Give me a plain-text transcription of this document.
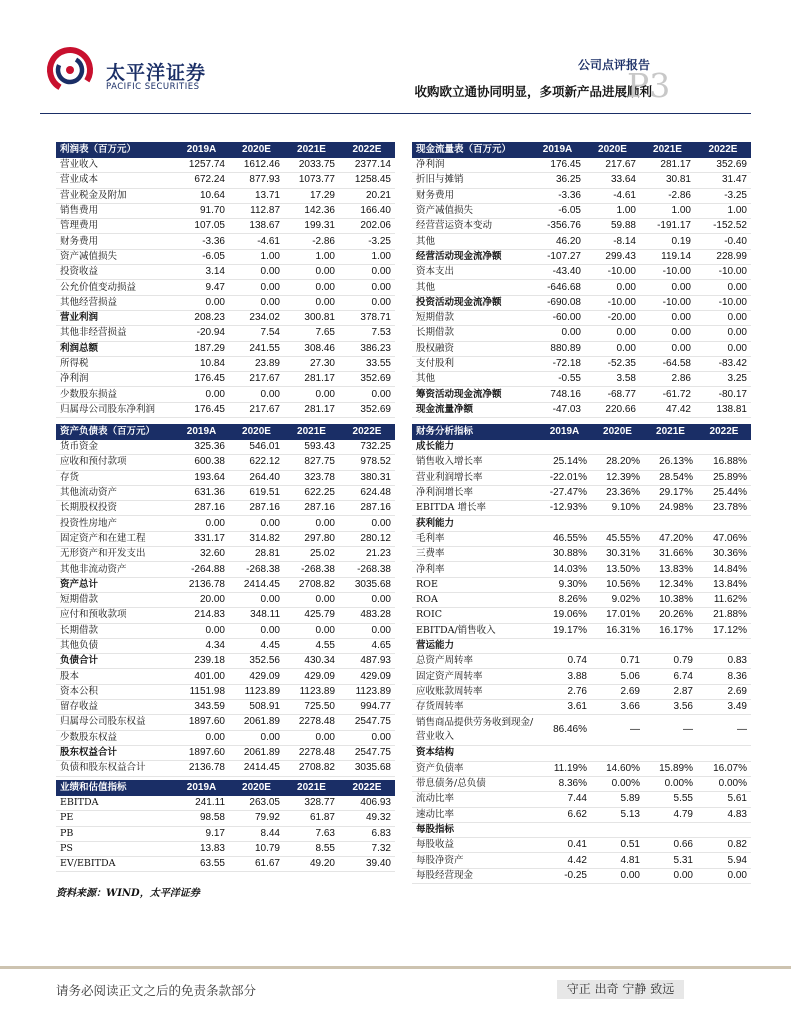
太平洋证券
PACIFIC SECURITIES
公司点评报告
收购欧立通协同明显，多项新产品进展顺利
P3
利润表（百万元）	2019A	2020E	2021E	2022E
营业收入	1257.74	1612.46	2033.75	2377.14
营业成本	672.24	877.93	1073.77	1258.45
营业税金及附加	10.64	13.71	17.29	20.21
销售费用	91.70	112.87	142.36	166.40
管理费用	107.05	138.67	199.31	202.06
财务费用	-3.36	-4.61	-2.86	-3.25
资产减值损失	-6.05	1.00	1.00	1.00
投资收益	3.14	0.00	0.00	0.00
公允价值变动损益	9.47	0.00	0.00	0.00
其他经营损益	0.00	0.00	0.00	0.00
营业利润	208.23	234.02	300.81	378.71
其他非经营损益	-20.94	7.54	7.65	7.53
利润总额	187.29	241.55	308.46	386.23
所得税	10.84	23.89	27.30	33.55
净利润	176.45	217.67	281.17	352.69
少数股东损益	0.00	0.00	0.00	0.00
归属母公司股东净利润	176.45	217.67	281.17	352.69
现金流量表（百万元）	2019A	2020E	2021E	2022E
净利润	176.45	217.67	281.17	352.69
折旧与摊销	36.25	33.64	30.81	31.47
财务费用	-3.36	-4.61	-2.86	-3.25
资产减值损失	-6.05	1.00	1.00	1.00
经营营运资本变动	-356.76	59.88	-191.17	-152.52
其他	46.20	-8.14	0.19	-0.40
经营活动现金流净额	-107.27	299.43	119.14	228.99
资本支出	-43.40	-10.00	-10.00	-10.00
其他	-646.68	0.00	0.00	0.00
投资活动现金流净额	-690.08	-10.00	-10.00	-10.00
短期借款	-60.00	-20.00	0.00	0.00
长期借款	0.00	0.00	0.00	0.00
股权融资	880.89	0.00	0.00	0.00
支付股利	-72.18	-52.35	-64.58	-83.42
其他	-0.55	3.58	2.86	3.25
筹资活动现金流净额	748.16	-68.77	-61.72	-80.17
现金流量净额	-47.03	220.66	47.42	138.81
资产负债表（百万元）	2019A	2020E	2021E	2022E
货币资金	325.36	546.01	593.43	732.25
应收和预付款项	600.38	622.12	827.75	978.52
存货	193.64	264.40	323.78	380.31
其他流动资产	631.36	619.51	622.25	624.48
长期股权投资	287.16	287.16	287.16	287.16
投资性房地产	0.00	0.00	0.00	0.00
固定资产和在建工程	331.17	314.82	297.80	280.12
无形资产和开发支出	32.60	28.81	25.02	21.23
其他非流动资产	-264.88	-268.38	-268.38	-268.38
资产总计	2136.78	2414.45	2708.82	3035.68
短期借款	20.00	0.00	0.00	0.00
应付和预收款项	214.83	348.11	425.79	483.28
长期借款	0.00	0.00	0.00	0.00
其他负债	4.34	4.45	4.55	4.65
负债合计	239.18	352.56	430.34	487.93
股本	401.00	429.09	429.09	429.09
资本公积	1151.98	1123.89	1123.89	1123.89
留存收益	343.59	508.91	725.50	994.77
归属母公司股东权益	1897.60	2061.89	2278.48	2547.75
少数股东权益	0.00	0.00	0.00	0.00
股东权益合计	1897.60	2061.89	2278.48	2547.75
负债和股东权益合计	2136.78	2414.45	2708.82	3035.68
业绩和估值指标	2019A	2020E	2021E	2022E
EBITDA	241.11	263.05	328.77	406.93
PE	98.58	79.92	61.87	49.32
PB	9.17	8.44	7.63	6.83
PS	13.83	10.79	8.55	7.32
EV/EBITDA	63.55	61.67	49.20	39.40
财务分析指标	2019A	2020E	2021E	2022E
成长能力				
销售收入增长率	25.14%	28.20%	26.13%	16.88%
营业利润增长率	-22.01%	12.39%	28.54%	25.89%
净利润增长率	-27.47%	23.36%	29.17%	25.44%
EBITDA 增长率	-12.93%	9.10%	24.98%	23.78%
获利能力				
毛利率	46.55%	45.55%	47.20%	47.06%
三费率	30.88%	30.31%	31.66%	30.36%
净利率	14.03%	13.50%	13.83%	14.84%
ROE	9.30%	10.56%	12.34%	13.84%
ROA	8.26%	9.02%	10.38%	11.62%
ROIC	19.06%	17.01%	20.26%	21.88%
EBITDA/销售收入	19.17%	16.31%	16.17%	17.12%
营运能力				
总资产周转率	0.74	0.71	0.79	0.83
固定资产周转率	3.88	5.06	6.74	8.36
应收账款周转率	2.76	2.69	2.87	2.69
存货周转率	3.61	3.66	3.56	3.49
销售商品提供劳务收到现金/营业收入	86.46%	—	—	—
资本结构				
资产负债率	11.19%	14.60%	15.89%	16.07%
带息债务/总负债	8.36%	0.00%	0.00%	0.00%
流动比率	7.44	5.89	5.55	5.61
速动比率	6.62	5.13	4.79	4.83
每股指标				
每股收益	0.41	0.51	0.66	0.82
每股净资产	4.42	4.81	5.31	5.94
每股经营现金	-0.25	0.00	0.00	0.00
资料来源：WIND，太平洋证券
请务必阅读正文之后的免责条款部分	守正 出奇 宁静 致远
